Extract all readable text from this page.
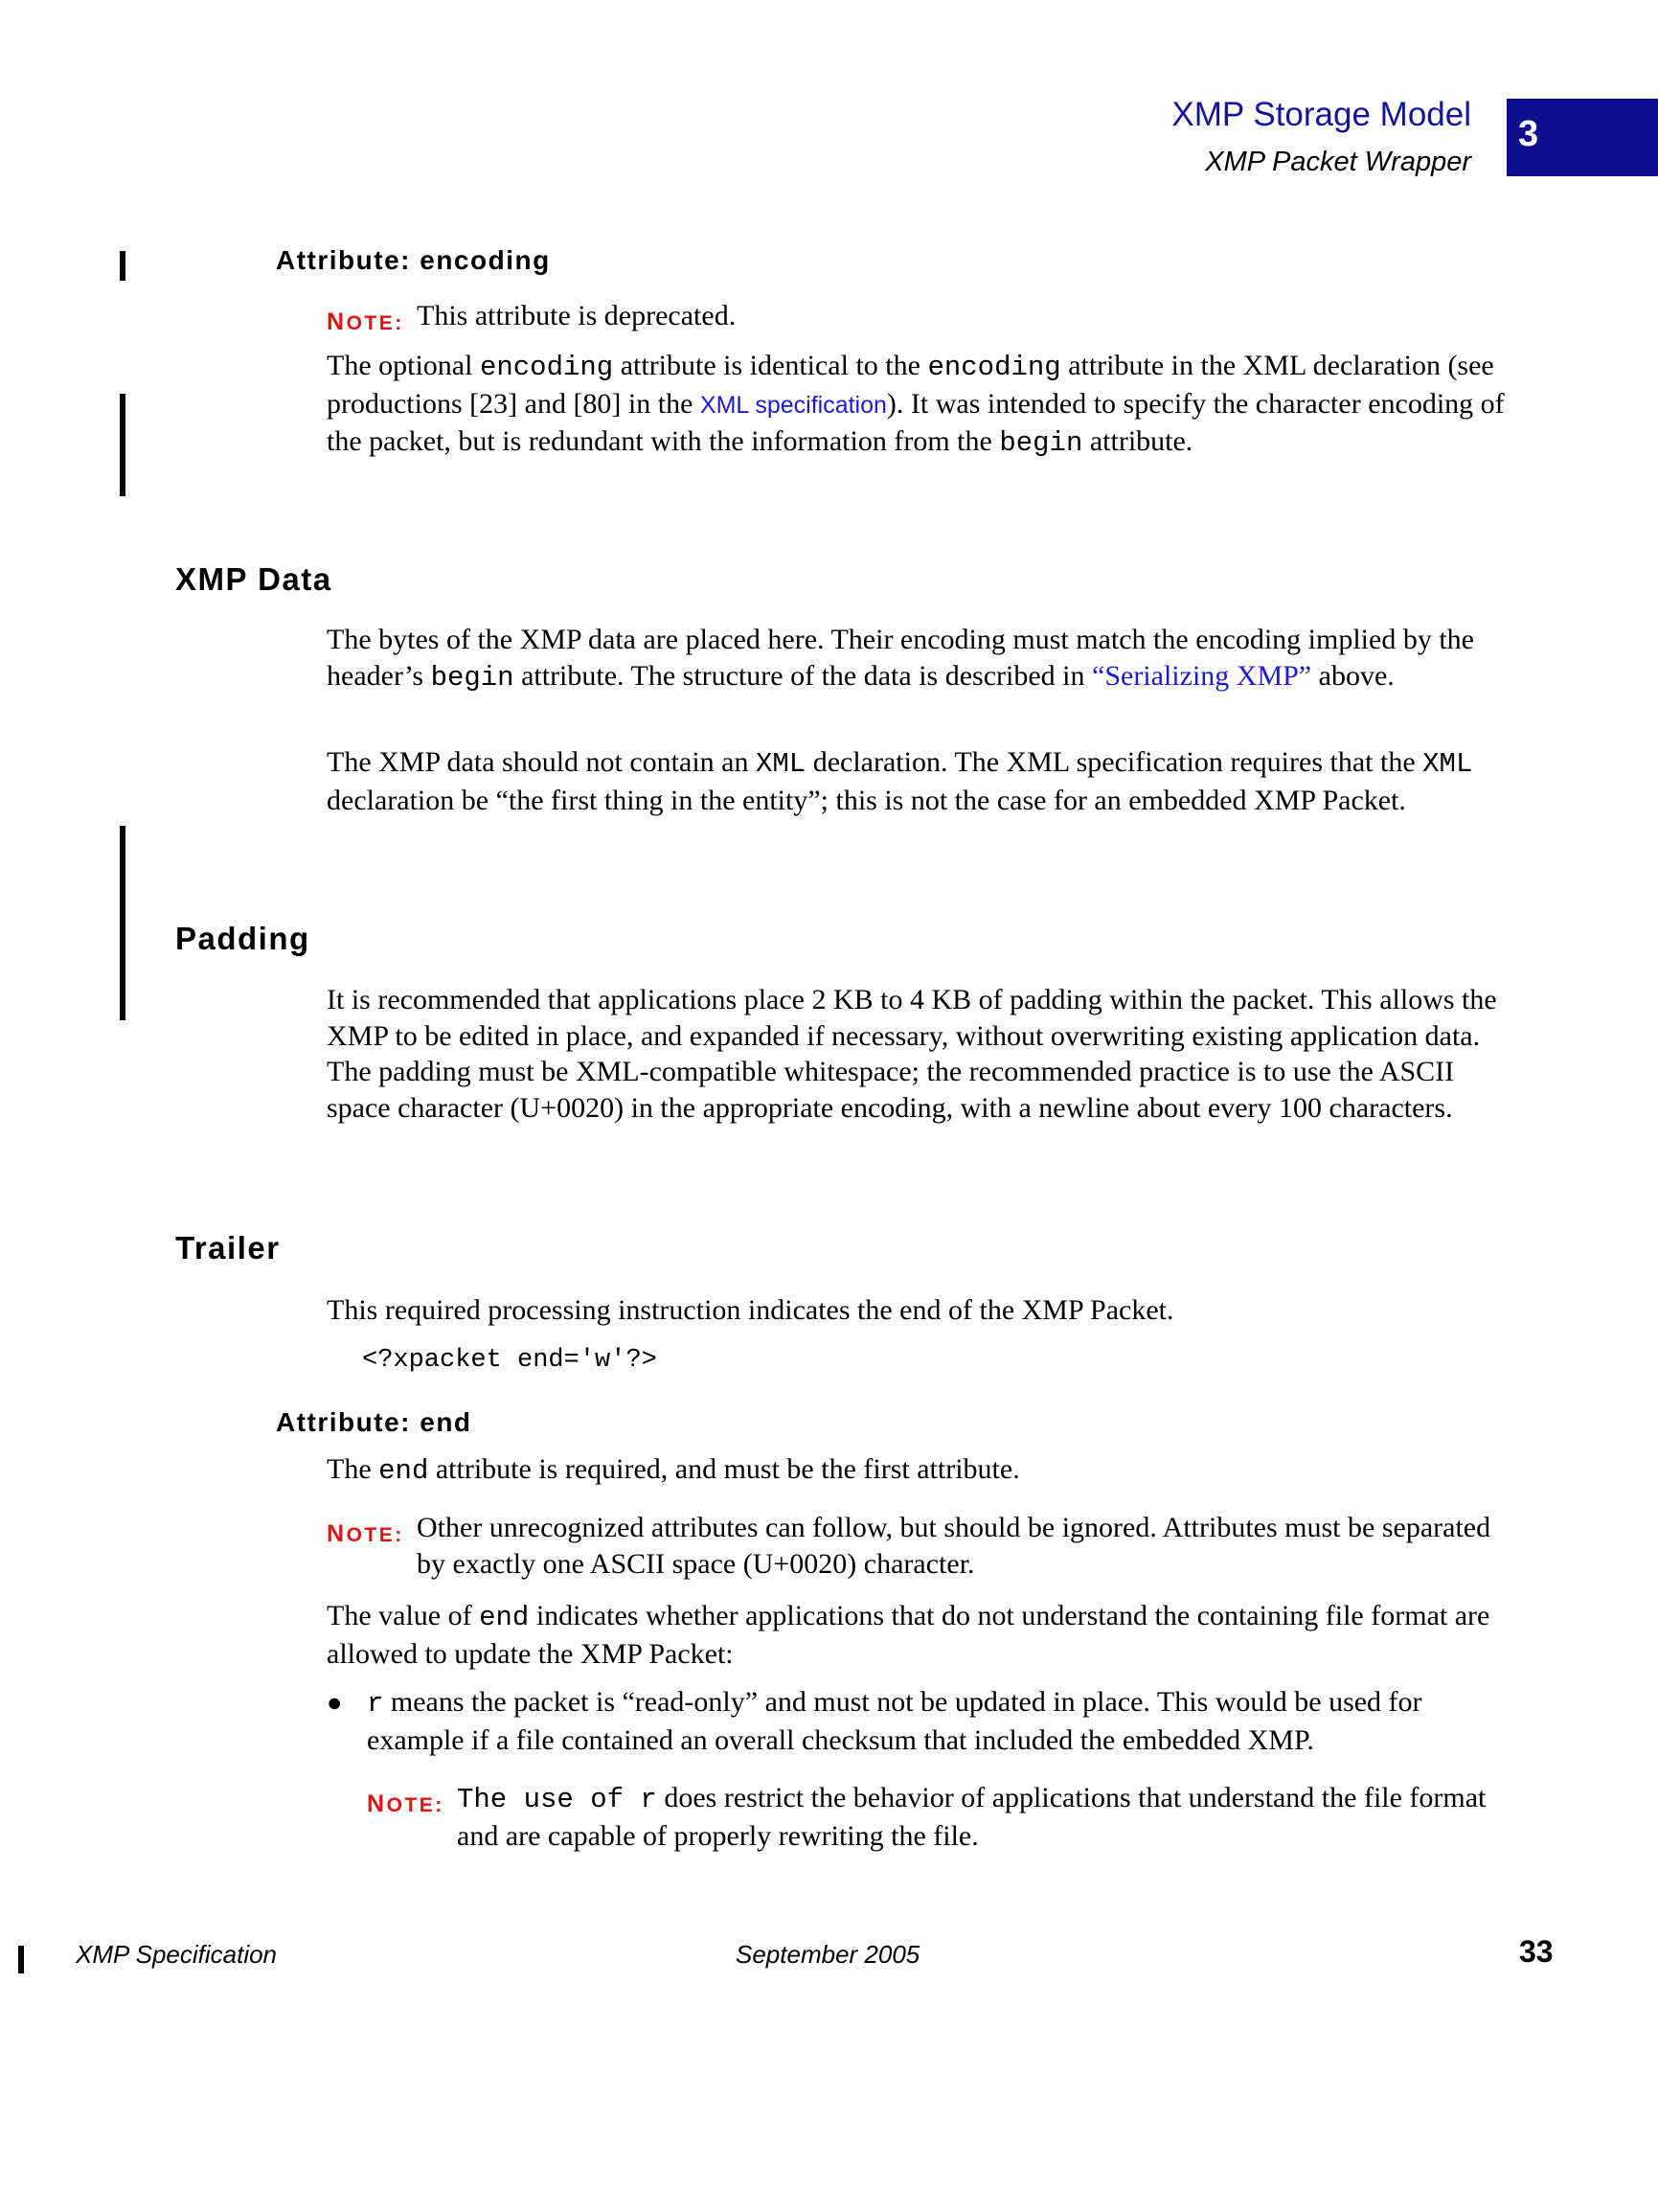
XMP Storage Model
XMP Packet Wrapper
3
Attribute: encoding
NOTE: This attribute is deprecated.

The optional encoding attribute is identical to the encoding attribute in the XML declaration (see productions [23] and [80] in the XML specification). It was intended to specify the character encoding of the packet, but is redundant with the information from the begin attribute.

XMP Data

The bytes of the XMP data are placed here. Their encoding must match the encoding implied by the header’s begin attribute. The structure of the data is described in “Serializing XMP” above.

The XMP data should not contain an XML declaration. The XML specification requires that the XML declaration be “the first thing in the entity”; this is not the case for an embedded XMP Packet.

Padding

It is recommended that applications place 2 KB to 4 KB of padding within the packet. This allows the XMP to be edited in place, and expanded if necessary, without overwriting existing application data. The padding must be XML-compatible whitespace; the recommended practice is to use the ASCII space character (U+0020) in the appropriate encoding, with a newline about every 100 characters.

Trailer

This required processing instruction indicates the end of the XMP Packet.

<?xpacket end='w'?>
Attribute: end

The end attribute is required, and must be the first attribute.

NOTE: Other unrecognized attributes can follow, but should be ignored. Attributes must be separated by exactly one ASCII space (U+0020) character.

The value of end indicates whether applications that do not understand the containing file format are allowed to update the XMP Packet:

● r means the packet is “read-only” and must not be updated in place. This would be used for example if a file contained an overall checksum that included the embedded XMP.

NOTE: The use of r does restrict the behavior of applications that understand the file format and are capable of properly rewriting the file.
XMP Specification	September 2005	33
